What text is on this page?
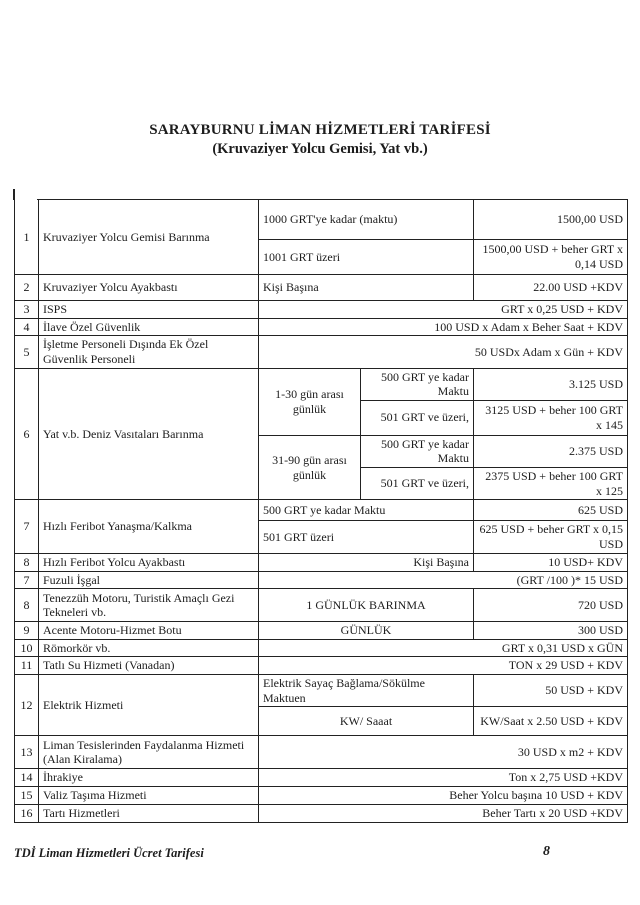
SARAYBURNU LİMAN HİZMETLERİ TARİFESİ
(Kruvaziyer Yolcu Gemisi, Yat vb.)
1	Kruvaziyer Yolcu Gemisi Barınma	1000 GRT'ye kadar (maktu)		1500,00 USD
		1001 GRT üzeri		1500,00 USD + beher GRT x 0,14 USD
2	Kruvaziyer Yolcu Ayakbastı	Kişi Başına		22.00 USD +KDV
3	ISPS	GRT x 0,25 USD + KDV		
4	İlave Özel Güvenlik	100 USD x Adam x Beher Saat + KDV		
5	İşletme Personeli Dışında Ek Özel Güvenlik Personeli	50 USDx Adam x Gün + KDV		
6	Yat v.b. Deniz Vasıtaları Barınma	1-30 gün arası günlük	500 GRT ye kadar Maktu	3.125 USD
			501 GRT ve üzeri,	3125 USD + beher 100 GRT x 145
		31-90 gün arası günlük	500 GRT ye kadar Maktu	2.375 USD
			501 GRT ve üzeri,	2375 USD + beher 100 GRT x 125
7	Hızlı Feribot Yanaşma/Kalkma	500 GRT ye kadar Maktu		625 USD
		501 GRT üzeri		625 USD + beher GRT x 0,15 USD
8	Hızlı Feribot Yolcu Ayakbastı	Kişi Başına		10 USD+ KDV
7	Fuzuli İşgal	(GRT /100 )* 15 USD		
8	Tenezzüh Motoru, Turistik Amaçlı Gezi Tekneleri vb.	1 GÜNLÜK BARINMA		720 USD
9	Acente Motoru-Hizmet Botu	GÜNLÜK		300 USD
10	Römorkör vb.	GRT x 0,31 USD x GÜN		
11	Tatlı Su Hizmeti (Vanadan)	TON x 29 USD + KDV		
12	Elektrik Hizmeti	Elektrik Sayaç Bağlama/Sökülme Maktuen		50 USD + KDV
		KW/ Saaat		KW/Saat x 2.50 USD + KDV
13	Liman Tesislerinden Faydalanma Hizmeti (Alan Kiralama)	30 USD x m2 + KDV		
14	İhrakiye	Ton x 2,75 USD +KDV		
15	Valiz Taşıma Hizmeti	Beher Yolcu başına 10 USD + KDV		
16	Tartı Hizmetleri	Beher Tartı x 20 USD +KDV		
TDİ Liman Hizmetleri Ücret Tarifesi	8
